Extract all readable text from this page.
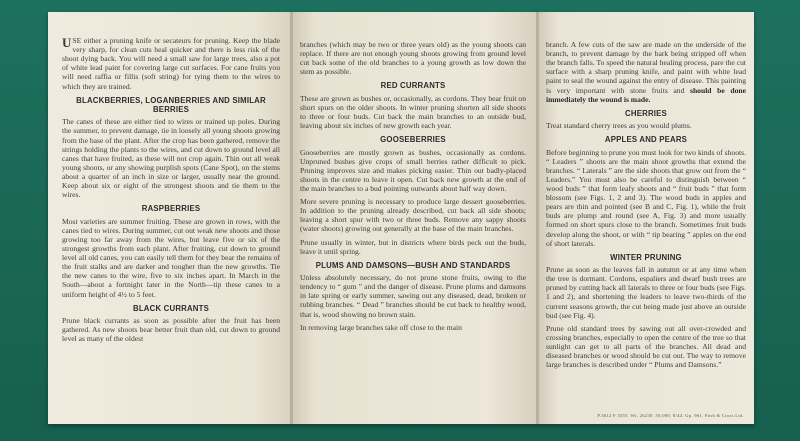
USE either a pruning knife or secateurs for pruning. Keep the blade very sharp, for clean cuts heal quicker and there is less risk of the shoot dying back. You will need a small saw for large trees, also a pot of white lead paint for covering large cut surfaces. For cane fruits you will need raffia or fillis (soft string) for tying them to the wires to which they are trained.

BLACKBERRIES, LOGANBERRIES AND SIMILAR BERRIES

The canes of these are either tied to wires or trained up poles. During the summer, to prevent damage, tie in loosely all young shoots growing from the base of the plant. After the crop has been gathered, remove the strings holding the plants to the wires, and cut down to ground level all canes that have fruited, as these will not crop again. Thin out all weak young shoots, or any showing purplish spots (Cane Spot), on the stems about a quarter of an inch in size or larger, usually near the ground. Keep about six or eight of the strongest shoots and tie them to the wires.

RASPBERRIES

Most varieties are summer fruiting. These are grown in rows, with the canes tied to wires. During summer, cut out weak new shoots and those growing too far away from the wires, but leave five or six of the strongest growths from each plant. After fruiting, cut down to ground level all old canes, you can easily tell them for they bear the remains of the fruit stalks and are darker and tougher than the new growths. Tie the new canes to the wire, five to six inches apart. In March in the South—about a fortnight later in the North—tip these canes to a uniform height of 4½ to 5 feet.

BLACK CURRANTS

Prune black currants as soon as possible after the fruit has been gathered. As new shoots bear better fruit than old, cut down to ground level as many of the oldest

branches (which may be two or three years old) as the young shoots can replace. If there are not enough young shoots growing from ground level cut back some of the old branches to a young growth as low down the stem as possible.

RED CURRANTS

These are grown as bushes or, occasionally, as cordons. They bear fruit on short spurs on the older shoots. In winter pruning shorten all side shoots to three or four buds. Cut back the main branches to an outside bud, leaving about six inches of new growth each year.

GOOSEBERRIES

Gooseberries are mostly grown as bushes, occasionally as cordons. Unpruned bushes give crops of small berries rather difficult to pick. Pruning improves size and makes picking easier. Thin out badly-placed shoots in the centre to leave it open. Cut back new growth at the end of the main branches to a bud pointing outwards about half way down.

More severe pruning is necessary to produce large dessert gooseberries. In addition to the pruning already described, cut back all side shoots; leaving a short spur with two or three buds. Remove any sappy shoots (water shoots) growing out generally at the base of the main branches.

Prune usually in winter, but in districts where birds peck out the buds, leave it until spring.

PLUMS AND DAMSONS—BUSH AND STANDARDS

Unless absolutely necessary, do not prune stone fruits, owing to the tendency to “ gum ” and the danger of disease. Prune plums and damsons in late spring or early summer, sawing out any diseased, dead, broken or rubbing branches. “ Dead ” branches should be cut back to healthy wood, that is, wood showing no brown stain.

In removing large branches take off close to the main

branch. A few cuts of the saw are made on the underside of the branch, to prevent damage by the bark being stripped off when the branch falls. To speed the natural healing process, pare the cut surface with a sharp pruning knife, and paint with white lead paint to seal the wound against the entry of disease. This painting is very important with stone fruits and should be done immediately the wound is made.

CHERRIES

Treat standard cherry trees as you would plums.

APPLES AND PEARS

Before beginning to prune you must look for two kinds of shoots. “ Leaders ” shoots are the main shoot growths that extend the branches. “ Laterals ” are the side shoots that grow out from the “ Leaders.” You must also be careful to distinguish between “ wood buds ” that form leafy shoots and “ fruit buds ” that form blossom (see Figs. 1, 2 and 3). The wood buds in apples and pears are thin and pointed (see B and C, Fig. 1), while the fruit buds are plump and round (see A, Fig. 3) and more usually formed on short spurs close to the branch. Sometimes fruit buds develop along the shoot, or with “ tip bearing ” apples on the end of short laterals.

WINTER PRUNING

Prune as soon as the leaves fall in autumn or at any time when the tree is dormant. Cordons, espaliers and dwarf bush trees are pruned by cutting back all laterals to three or four buds (see Figs. 1 and 2), and shortening the leaders to leave two-thirds of the current seasons growth, the cut being made just above an outside bud (see Fig. 4).

Prune old standard trees by sawing out all over-crowded and crossing branches, especially to open the centre of the tree so that sunlight can get to all parts of the branches. All dead and diseased branches or wood should be cut out. The way to remove large branches is described under “ Plums and Damsons.”

P.3612 F 3555. Wt. 26230. 50,000. 8/44. Gp. 961. Fosh & Cross Ltd.
